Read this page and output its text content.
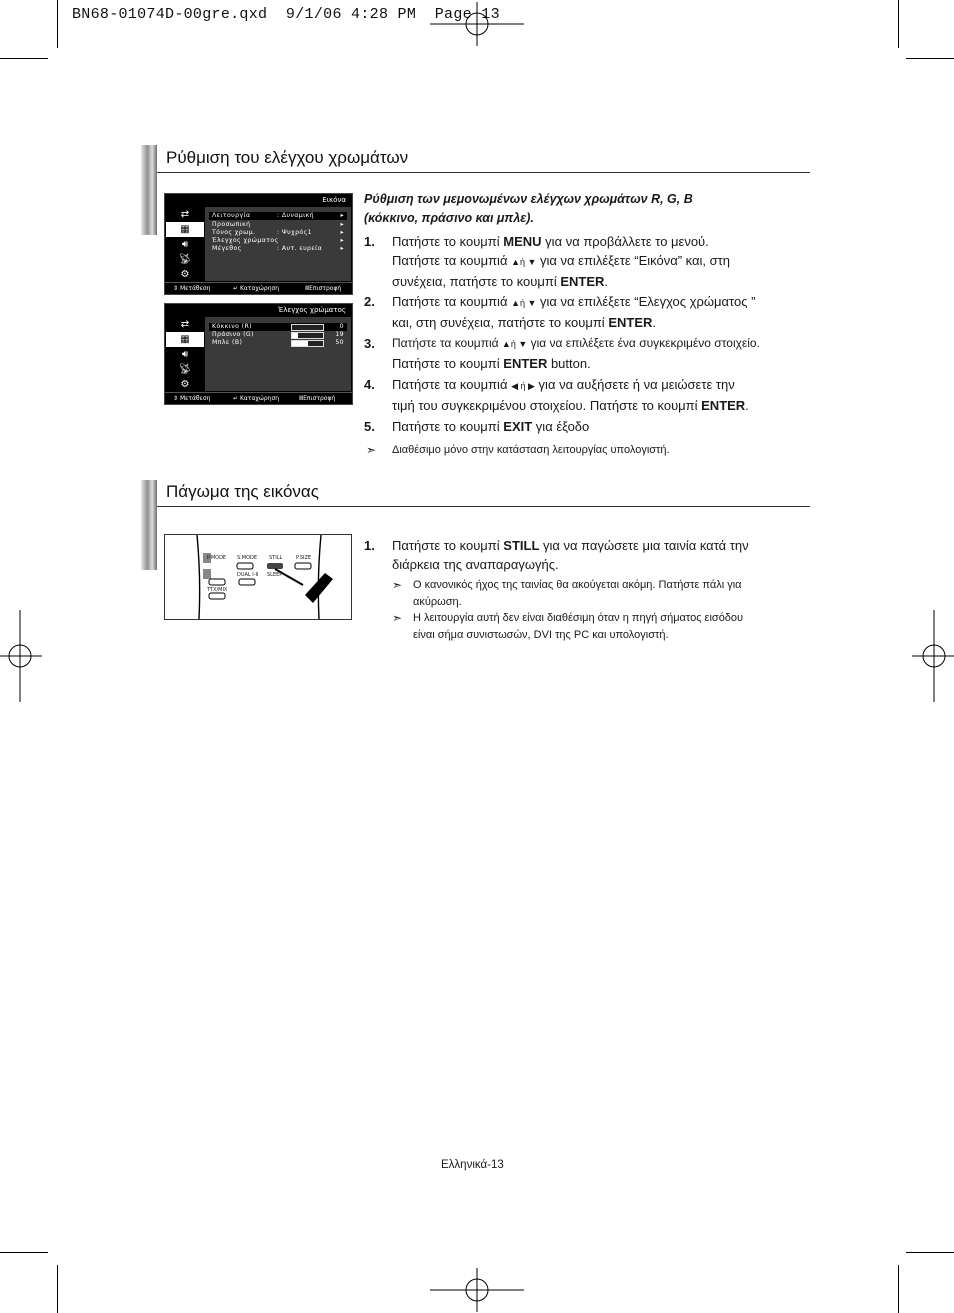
BN68-01074D-00gre.qxd  9/1/06 4:28 PM  Page 13
Ρύθμιση του ελέγχου χρωμάτων
Εικόνα
⇄
▦
🔊︎
📡︎
⚙
Λειτουργία	: Δυναμική	▸
Προσωπική	▸
Τόνος χρωμ.	: Ψυχρός1	▸
Έλεγχος χρώματος	▸
Μέγεθος	: Αυτ. ευρεία	▸
⇕ Μετάθεση	↵ Καταχώρηση	ⅢΕπιστροφή
Έλεγχος χρώματος
⇄
▦
🔊︎
📡︎
⚙
Κόκκινο (R)	0
Πράσινο (G)	19
Μπλε (B)	50
⇕ Μετάθεση	↵ Καταχώρηση	ⅢΕπιστροφή
Ρύθμιση των μεμονωμένων ελέγχων χρωμάτων R, G, B
(κόκκινο, πράσινο και μπλε).
1. Πατήστε το κουμπί MENU για να προβάλλετε το μενού.
Πατήστε τα κουμπιά ▲ή ▼ για να επιλέξετε “Εικόνα” και, στη
συνέχεια, πατήστε το κουμπί ENTER.
2. Πατήστε τα κουμπιά ▲ή ▼ για να επιλέξετε “Ελεγχος χρώματος ”
και, στη συνέχεια, πατήστε το κουμπί ENTER.
3. Πατήστε τα κουμπιά ▲ή ▼ για να επιλέξετε ένα συγκεκριμένο στοιχείο.
Πατήστε το κουμπί ENTER button.
4. Πατήστε τα κουμπιά ◀ ή ▶ για να αυξήσετε ή να μειώσετε την
τιμή του συγκεκριμένου στοιχείου. Πατήστε το κουμπί ENTER.
5. Πατήστε το κουμπί EXIT για έξοδο
➣ Διαθέσιμο μόνο στην κατάσταση λειτουργίας υπολογιστή.
Πάγωμα της εικόνας
P.MODE S.MODE STILL	P.SIZE
DUAL I-II SLEEP
TTX/MIX
1. Πατήστε το κουμπί STILL για να παγώσετε μια ταινία κατά την
διάρκεια της αναπαραγωγής.
➣ Ο κανονικός ήχος της ταινίας θα ακούγεται ακόμη. Πατήστε πάλι για
ακύρωση.
➣ Η λειτουργία αυτή δεν είναι διαθέσιμη όταν η πηγή σήματος εισόδου
είναι σήμα συνιστωσών, DVI της PC και υπολογιστή.
Ελληνικά-13
